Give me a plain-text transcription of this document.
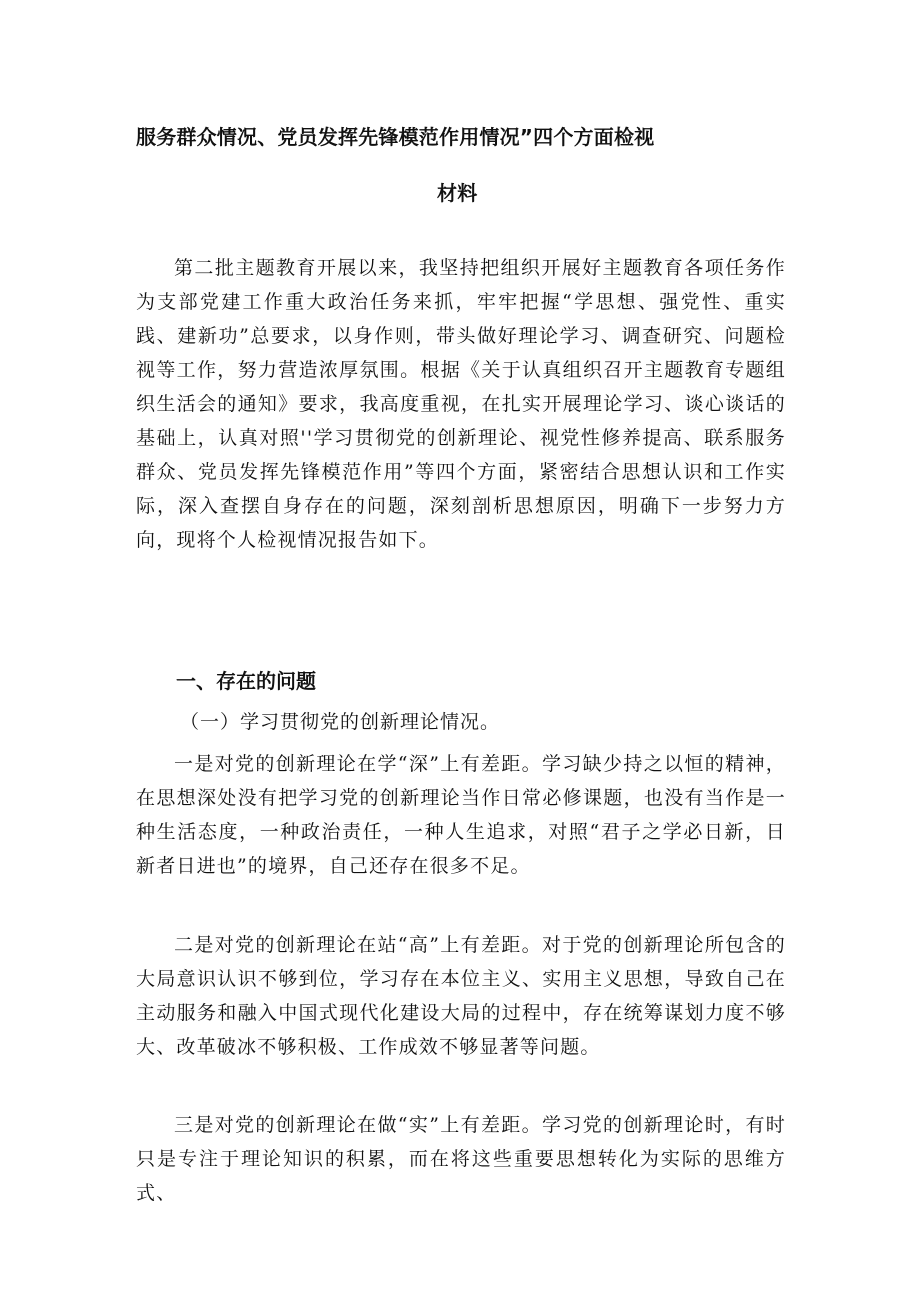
服务群众情况、党员发挥先锋模范作用情况”四个方面检视
材料

第二批主题教育开展以来，我坚持把组织开展好主题教育各项任务作为支部党建工作重大政治任务来抓，牢牢把握“学思想、强党性、重实践、建新功”总要求，以身作则，带头做好理论学习、调查研究、问题检视等工作，努力营造浓厚氛围。根据《关于认真组织召开主题教育专题组织生活会的通知》要求，我高度重视，在扎实开展理论学习、谈心谈话的基础上，认真对照''学习贯彻党的创新理论、视党性修养提高、联系服务群众、党员发挥先锋模范作用”等四个方面，紧密结合思想认识和工作实际，深入查摆自身存在的问题，深刻剖析思想原因，明确下一步努力方向，现将个人检视情况报告如下。

一、存在的问题
（一）学习贯彻党的创新理论情况。

一是对党的创新理论在学“深”上有差距。学习缺少持之以恒的精神，在思想深处没有把学习党的创新理论当作日常必修课题，也没有当作是一种生活态度，一种政治责任，一种人生追求，对照“君子之学必日新，日新者日进也”的境界，自己还存在很多不足。

二是对党的创新理论在站“高”上有差距。对于党的创新理论所包含的大局意识认识不够到位，学习存在本位主义、实用主义思想，导致自己在主动服务和融入中国式现代化建设大局的过程中，存在统筹谋划力度不够大、改革破冰不够积极、工作成效不够显著等问题。

三是对党的创新理论在做“实”上有差距。学习党的创新理论时，有时只是专注于理论知识的积累，而在将这些重要思想转化为实际的思维方式、
